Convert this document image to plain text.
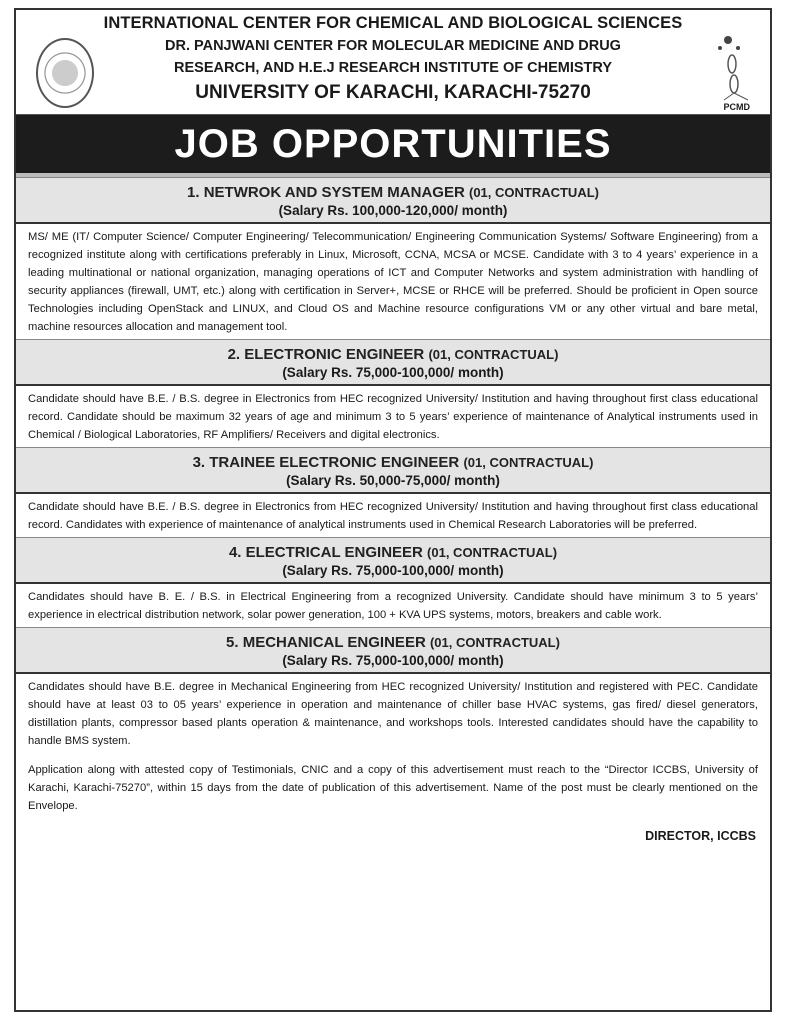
INTERNATIONAL CENTER FOR CHEMICAL AND BIOLOGICAL SCIENCES
DR. PANJWANI CENTER FOR MOLECULAR MEDICINE AND DRUG
RESEARCH, AND H.E.J RESEARCH INSTITUTE OF CHEMISTRY
UNIVERSITY OF KARACHI, KARACHI-75270
PCMD
JOB OPPORTUNITIES
1. NETWROK AND SYSTEM MANAGER (01, CONTRACTUAL)
(Salary Rs. 100,000-120,000/ month)
MS/ ME (IT/ Computer Science/ Computer Engineering/ Telecommunication/ Engineering Communication Systems/ Software Engineering) from a recognized institute along with certifications preferably in Linux, Microsoft, CCNA, MCSA or MCSE. Candidate with 3 to 4 years’ experience in a leading multinational or national organization, managing operations of ICT and Computer Networks and system administration with handling of security appliances (firewall, UMT, etc.) along with certification in Server+, MCSE or RHCE will be preferred. Should be proficient in Open source Technologies including OpenStack and LINUX, and Cloud OS and Machine resource configurations VM or any other virtual and bare metal, machine resources allocation and management tool.
2. ELECTRONIC ENGINEER (01, CONTRACTUAL)
(Salary Rs. 75,000-100,000/ month)
Candidate should have B.E. / B.S. degree in Electronics from HEC recognized University/ Institution and having throughout first class educational record. Candidate should be maximum 32 years of age and minimum 3 to 5 years’ experience of maintenance of Analytical instruments used in Chemical / Biological Laboratories, RF Amplifiers/ Receivers and digital electronics.
3. TRAINEE ELECTRONIC ENGINEER (01, CONTRACTUAL)
(Salary Rs. 50,000-75,000/ month)
Candidate should have B.E. / B.S. degree in Electronics from HEC recognized University/ Institution and having throughout first class educational record. Candidates with experience of maintenance of analytical instruments used in Chemical Research Laboratories will be preferred.
4. ELECTRICAL ENGINEER (01, CONTRACTUAL)
(Salary Rs. 75,000-100,000/ month)
Candidates should have B. E. / B.S. in Electrical Engineering from a recognized University. Candidate should have minimum 3 to 5 years’ experience in electrical distribution network, solar power generation, 100 + KVA UPS systems, motors, breakers and cable work.
5. MECHANICAL ENGINEER (01, CONTRACTUAL)
(Salary Rs. 75,000-100,000/ month)
Candidates should have B.E. degree in Mechanical Engineering from HEC recognized University/ Institution and registered with PEC. Candidate should have at least 03 to 05 years’ experience in operation and maintenance of chiller base HVAC systems, gas fired/ diesel generators, distillation plants, compressor based plants operation & maintenance, and workshops tools. Interested candidates should have the capability to handle BMS system.
Application along with attested copy of Testimonials, CNIC and a copy of this advertisement must reach to the “Director ICCBS, University of Karachi, Karachi-75270”, within 15 days from the date of publication of this advertisement. Name of the post must be clearly mentioned on the Envelope.
DIRECTOR, ICCBS
